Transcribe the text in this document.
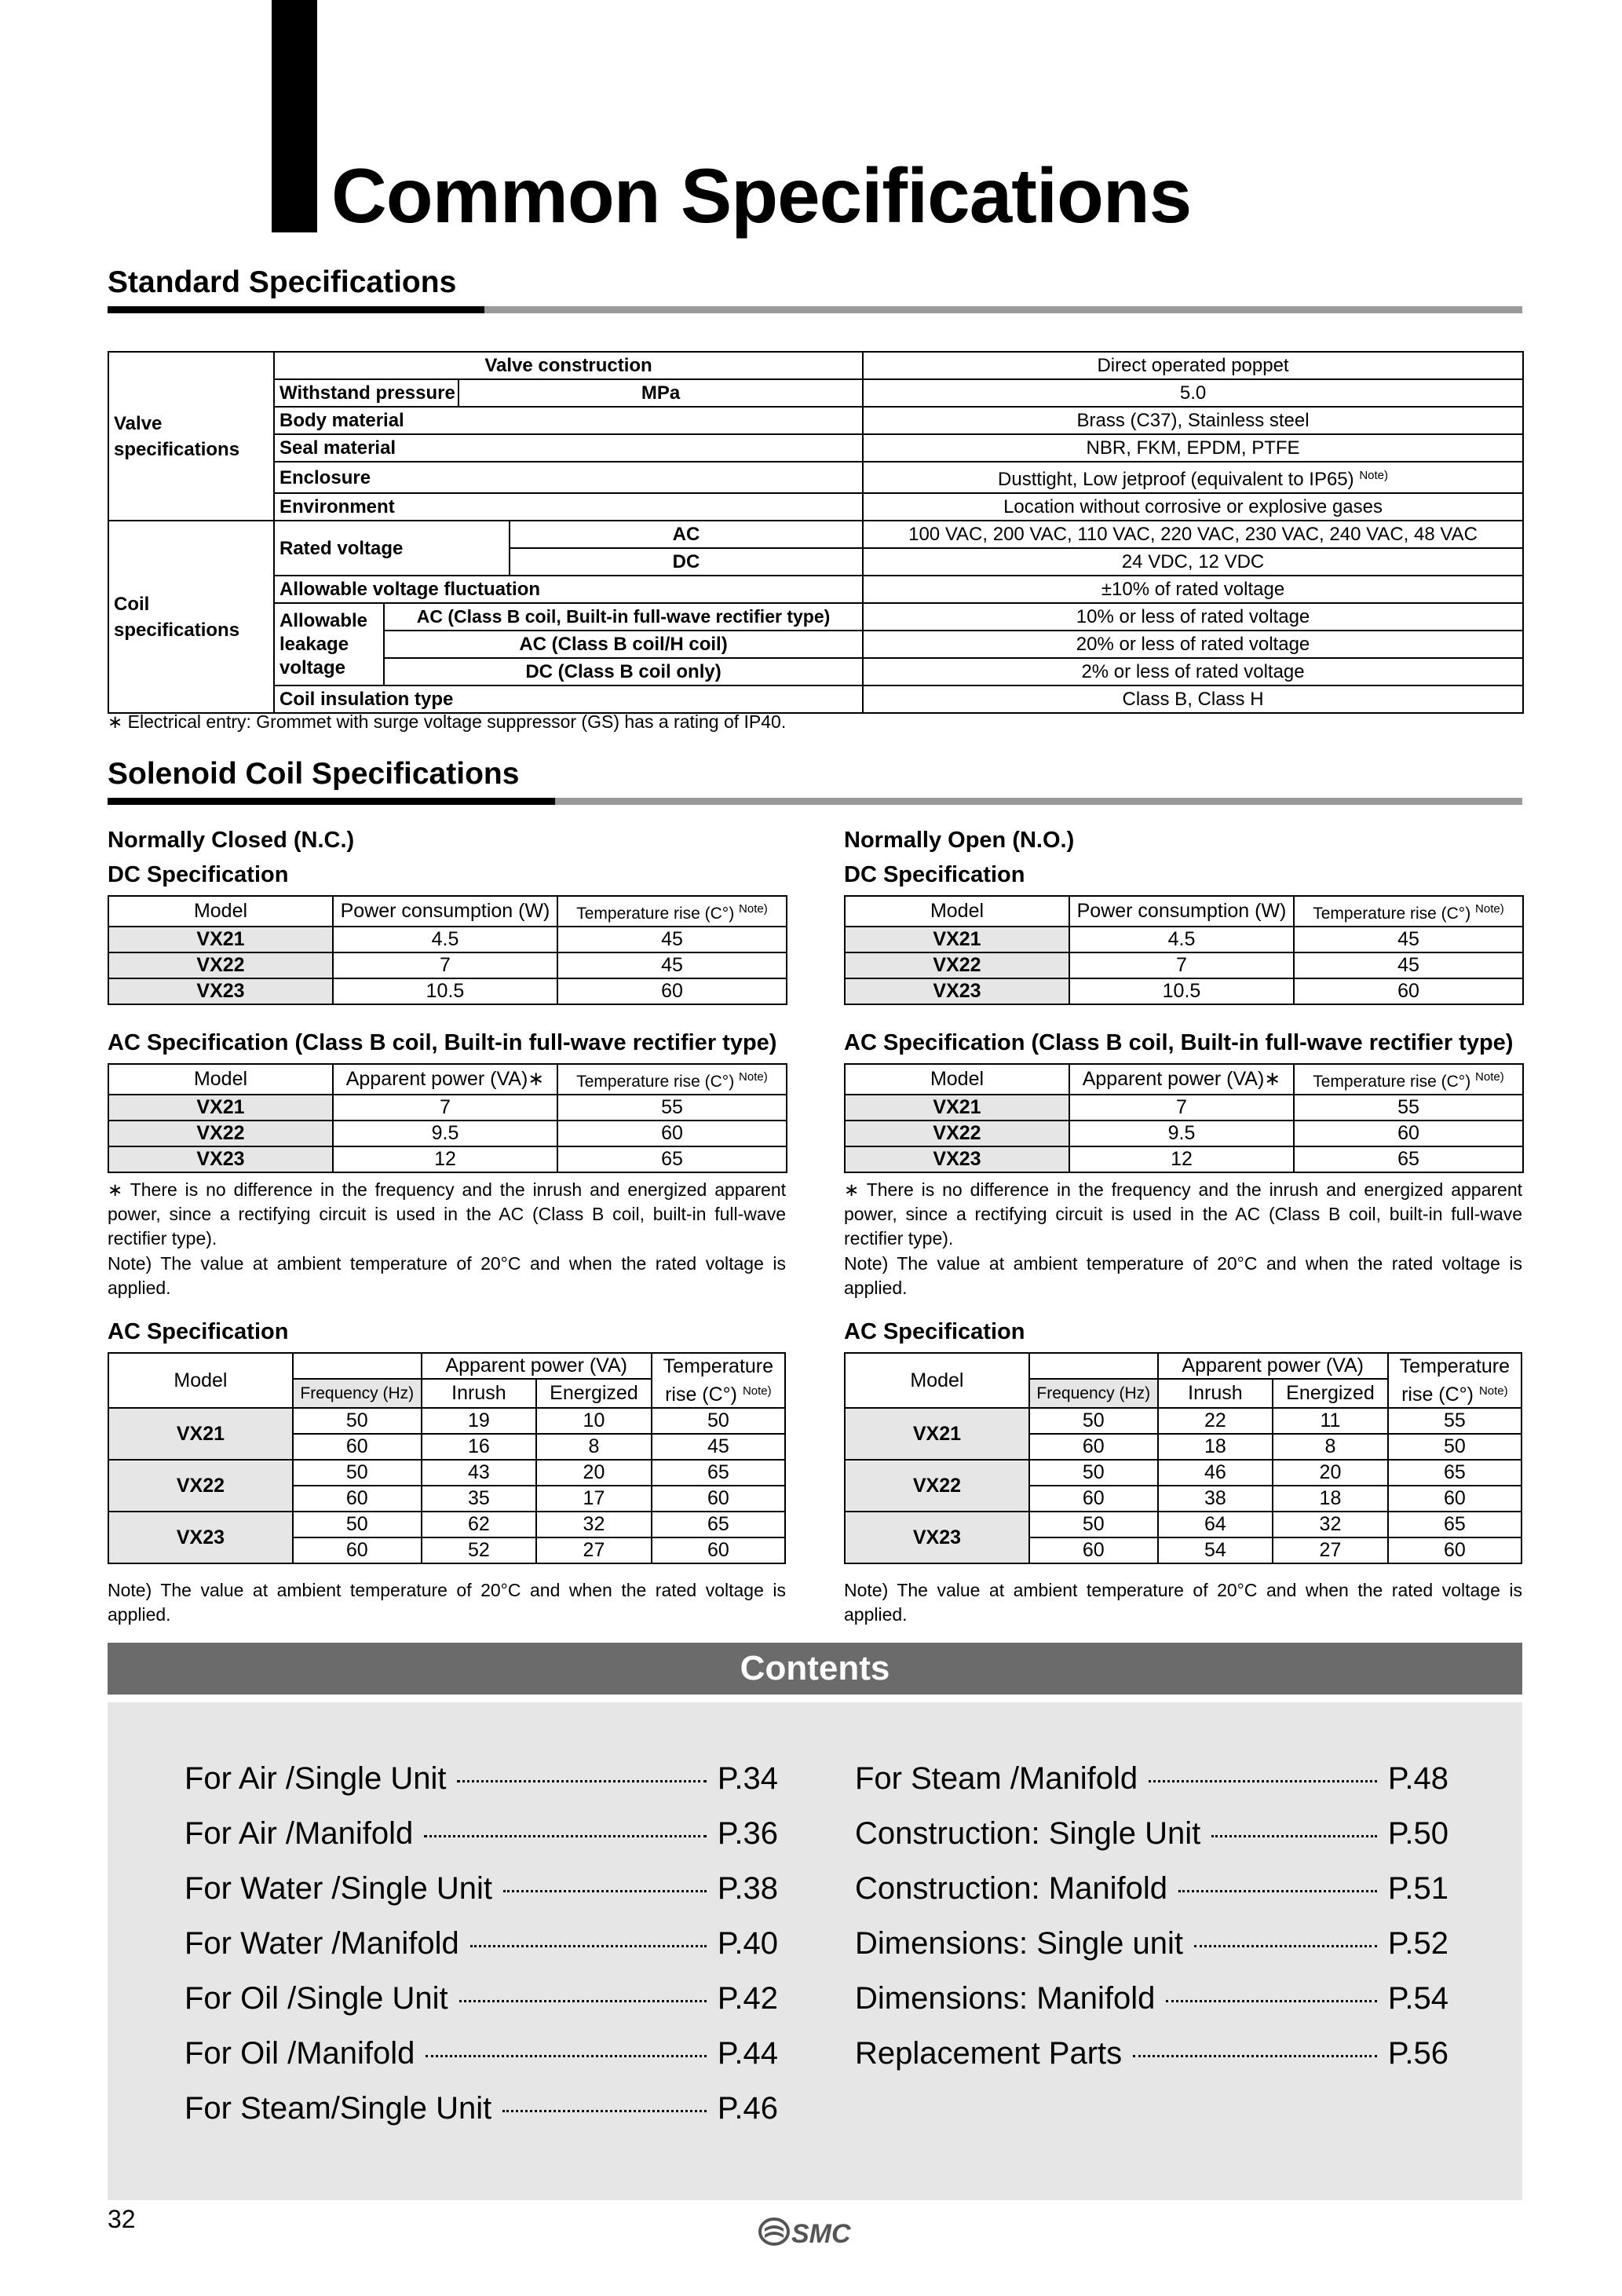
Common Specifications
Standard Specifications
Valve specifications	Valve construction				Direct operated poppet
	Withstand pressure		MPa		5.0
	Body material				Brass (C37), Stainless steel
	Seal material				NBR, FKM, EPDM, PTFE
	Enclosure				Dusttight, Low jetproof (equivalent to IP65) $^{Note)}$
	Environment				Location without corrosive or explosive gases
Coil specifications	Rated voltage			AC	100 VAC, 200 VAC, 110 VAC, 220 VAC, 230 VAC, 240 VAC, 48 VAC
				DC	24 VDC, 12 VDC
	Allowable voltage fluctuation				±10% of rated voltage
	Allowable leakage voltage	AC (Class B coil, Built-in full-wave rectifier type)			10% or less of rated voltage
		AC (Class B coil/H coil)			20% or less of rated voltage
		DC (Class B coil only)			2% or less of rated voltage
	Coil insulation type				Class B, Class H
∗ Electrical entry: Grommet with surge voltage suppressor (GS) has a rating of IP40.
Solenoid Coil Specifications
Normally Closed (N.C.)
DC Specification
Model	Power consumption (W)	Temperature rise (C°) $^{Note)}$
VX21	4.5	45
VX22	7	45
VX23	10.5	60
AC Specification (Class B coil, Built-in full-wave rectifier type)
Model	Apparent power (VA)∗	Temperature rise (C°) $^{Note)}$
VX21	7	55
VX22	9.5	60
VX23	12	65
∗ There is no difference in the frequency and the inrush and energized apparent power, since a rectifying circuit is used in the AC (Class B coil, built-in full-wave rectifier type).
Note) The value at ambient temperature of 20°C and when the rated voltage is applied.
AC Specification
Model		Apparent power (VA)		Temperature
	Frequency (Hz)	Inrush	Energized	rise (C°) $^{Note)}$
VX21	50	19	10	50
	60	16	8	45
VX22	50	43	20	65
	60	35	17	60
VX23	50	62	32	65
	60	52	27	60
Note) The value at ambient temperature of 20°C and when the rated voltage is applied.
Normally Open (N.O.)
DC Specification
Model	Power consumption (W)	Temperature rise (C°) $^{Note)}$
VX21	4.5	45
VX22	7	45
VX23	10.5	60
AC Specification (Class B coil, Built-in full-wave rectifier type)
Model	Apparent power (VA)∗	Temperature rise (C°) $^{Note)}$
VX21	7	55
VX22	9.5	60
VX23	12	65
∗ There is no difference in the frequency and the inrush and energized apparent power, since a rectifying circuit is used in the AC (Class B coil, built-in full-wave rectifier type).
Note) The value at ambient temperature of 20°C and when the rated voltage is applied.
AC Specification
Model		Apparent power (VA)		Temperature
	Frequency (Hz)	Inrush	Energized	rise (C°) $^{Note)}$
VX21	50	22	11	55
	60	18	8	50
VX22	50	46	20	65
	60	38	18	60
VX23	50	64	32	65
	60	54	27	60
Note) The value at ambient temperature of 20°C and when the rated voltage is applied.
Contents
For Air /Single Unit	P.34
For Air /Manifold	P.36
For Water /Single Unit	P.38
For Water /Manifold	P.40
For Oil /Single Unit	P.42
For Oil /Manifold	P.44
For Steam/Single Unit	P.46
For Steam /Manifold	P.48
Construction: Single Unit	P.50
Construction: Manifold	P.51
Dimensions: Single unit	P.52
Dimensions: Manifold	P.54
Replacement Parts	P.56
32	SMC
